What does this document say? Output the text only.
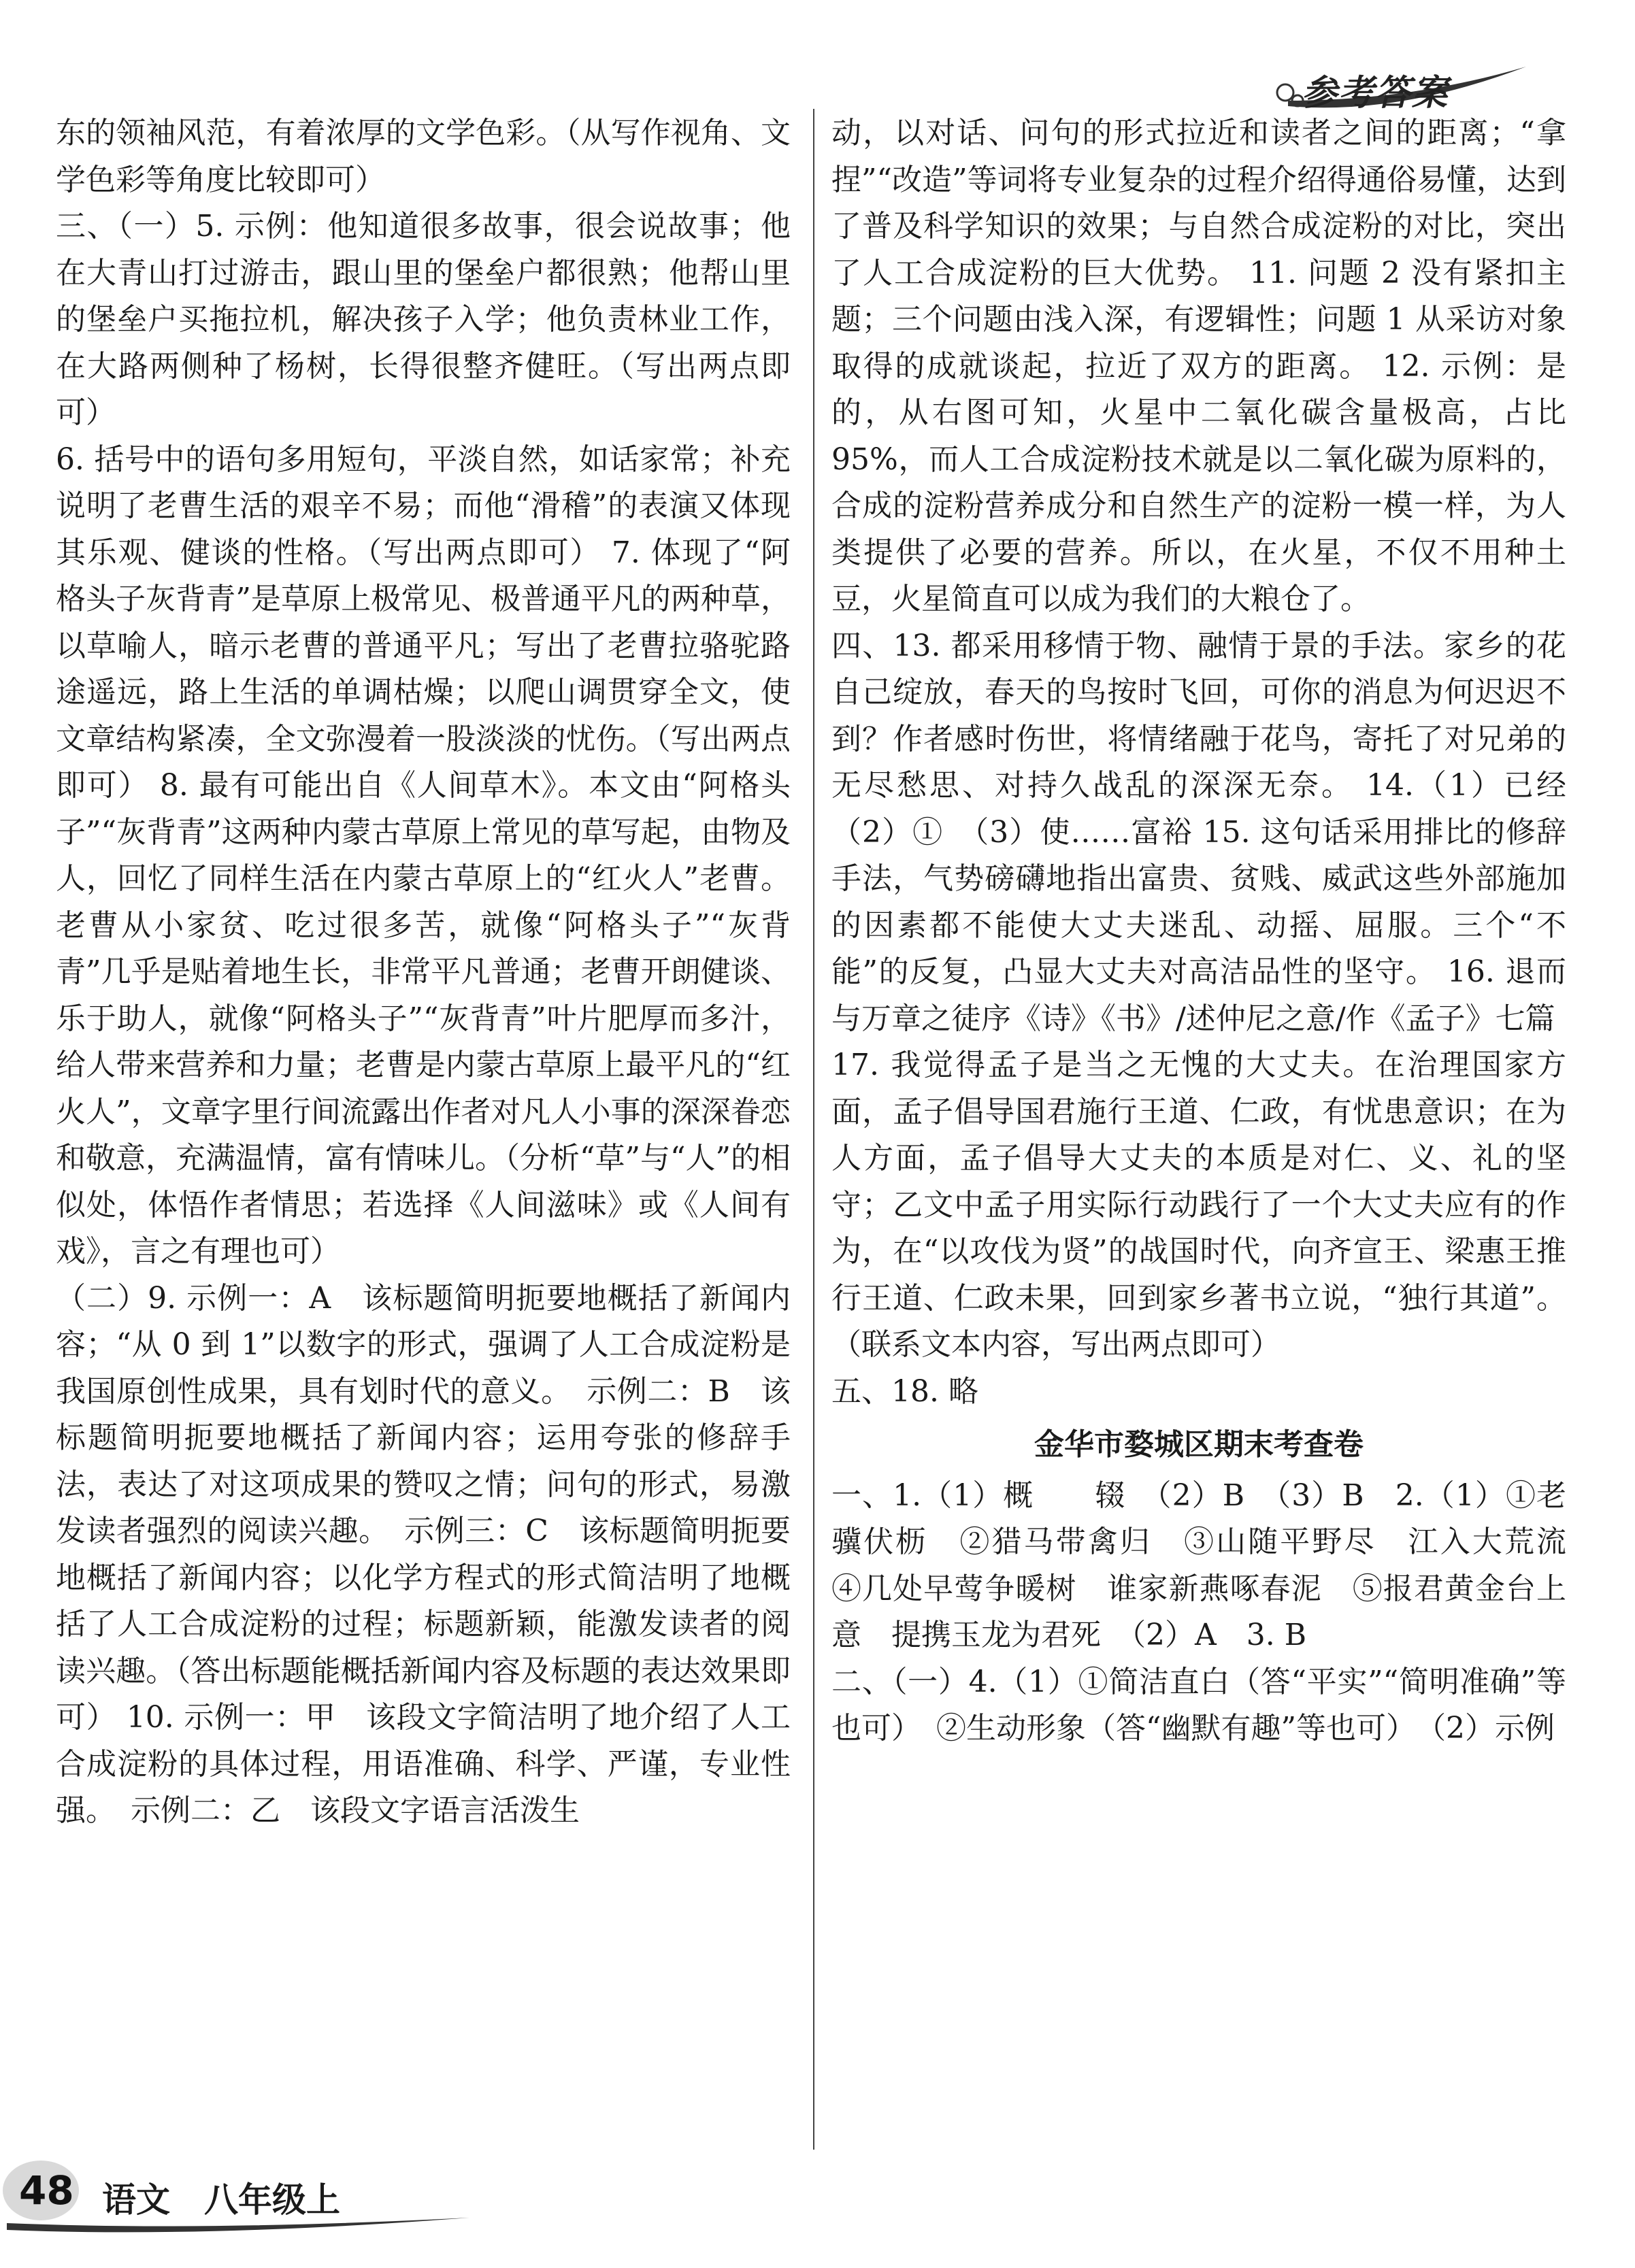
参考答案

东的领袖风范，有着浓厚的文学色彩。（从写作视角、文学色彩等角度比较即可）

三、（一）5. 示例：他知道很多故事，很会说故事；他在大青山打过游击，跟山里的堡垒户都很熟；他帮山里的堡垒户买拖拉机，解决孩子入学；他负责林业工作，在大路两侧种了杨树，长得很整齐健旺。（写出两点即可）

6. 括号中的语句多用短句，平淡自然，如话家常；补充说明了老曹生活的艰辛不易；而他“滑稽”的表演又体现其乐观、健谈的性格。（写出两点即可） 7. 体现了“阿格头子灰背青”是草原上极常见、极普通平凡的两种草，以草喻人，暗示老曹的普通平凡；写出了老曹拉骆驼路途遥远，路上生活的单调枯燥；以爬山调贯穿全文，使文章结构紧凑，全文弥漫着一股淡淡的忧伤。（写出两点即可） 8. 最有可能出自《人间草木》。本文由“阿格头子”“灰背青”这两种内蒙古草原上常见的草写起，由物及人，回忆了同样生活在内蒙古草原上的“红火人”老曹。老曹从小家贫、吃过很多苦，就像“阿格头子”“灰背青”几乎是贴着地生长，非常平凡普通；老曹开朗健谈、乐于助人，就像“阿格头子”“灰背青”叶片肥厚而多汁，给人带来营养和力量；老曹是内蒙古草原上最平凡的“红火人”，文章字里行间流露出作者对凡人小事的深深眷恋和敬意，充满温情，富有情味儿。（分析“草”与“人”的相似处，体悟作者情思；若选择《人间滋味》或《人间有戏》，言之有理也可）

（二）9. 示例一：A　该标题简明扼要地概括了新闻内容；“从 0 到 1”以数字的形式，强调了人工合成淀粉是我国原创性成果，具有划时代的意义。　示例二：B　该标题简明扼要地概括了新闻内容；运用夸张的修辞手法，表达了对这项成果的赞叹之情；问句的形式，易激发读者强烈的阅读兴趣。　示例三：C　该标题简明扼要地概括了新闻内容；以化学方程式的形式简洁明了地概括了人工合成淀粉的过程；标题新颖，能激发读者的阅读兴趣。（答出标题能概括新闻内容及标题的表达效果即可） 10. 示例一：甲　该段文字简洁明了地介绍了人工合成淀粉的具体过程，用语准确、科学、严谨，专业性强。　示例二：乙　该段文字语言活泼生

动，以对话、问句的形式拉近和读者之间的距离；“拿捏”“改造”等词将专业复杂的过程介绍得通俗易懂，达到了普及科学知识的效果；与自然合成淀粉的对比，突出了人工合成淀粉的巨大优势。 11. 问题 2 没有紧扣主题；三个问题由浅入深，有逻辑性；问题 1 从采访对象取得的成就谈起，拉近了双方的距离。 12. 示例：是的，从右图可知，火星中二氧化碳含量极高，占比 95%，而人工合成淀粉技术就是以二氧化碳为原料的，合成的淀粉营养成分和自然生产的淀粉一模一样，为人类提供了必要的营养。所以，在火星，不仅不用种土豆，火星简直可以成为我们的大粮仓了。

四、13. 都采用移情于物、融情于景的手法。家乡的花自己绽放，春天的鸟按时飞回，可你的消息为何迟迟不到？作者感时伤世，将情绪融于花鸟，寄托了对兄弟的无尽愁思、对持久战乱的深深无奈。 14.（1）已经（2）①　（3）使……富裕 15. 这句话采用排比的修辞手法，气势磅礴地指出富贵、贫贱、威武这些外部施加的因素都不能使大丈夫迷乱、动摇、屈服。三个“不能”的反复，凸显大丈夫对高洁品性的坚守。 16. 退而与万章之徒序《诗》《书》/述仲尼之意/作《孟子》七篇

17. 我觉得孟子是当之无愧的大丈夫。在治理国家方面，孟子倡导国君施行王道、仁政，有忧患意识；在为人方面，孟子倡导大丈夫的本质是对仁、义、礼的坚守；乙文中孟子用实际行动践行了一个大丈夫应有的作为，在“以攻伐为贤”的战国时代，向齐宣王、梁惠王推行王道、仁政未果，回到家乡著书立说，“独行其道”。（联系文本内容，写出两点即可）

五、18. 略

金华市婺城区期末考查卷

一、1.（1）概　　辍　（2）B　（3）B　2.（1）①老骥伏枥　②猎马带禽归　③山随平野尽　江入大荒流　④几处早莺争暖树　谁家新燕啄春泥　⑤报君黄金台上意　提携玉龙为君死　（2）A　3. B

二、（一）4.（1）①简洁直白（答“平实”“简明准确”等也可）　②生动形象（答“幽默有趣”等也可）　（2）示例

48 语文 八年级上
